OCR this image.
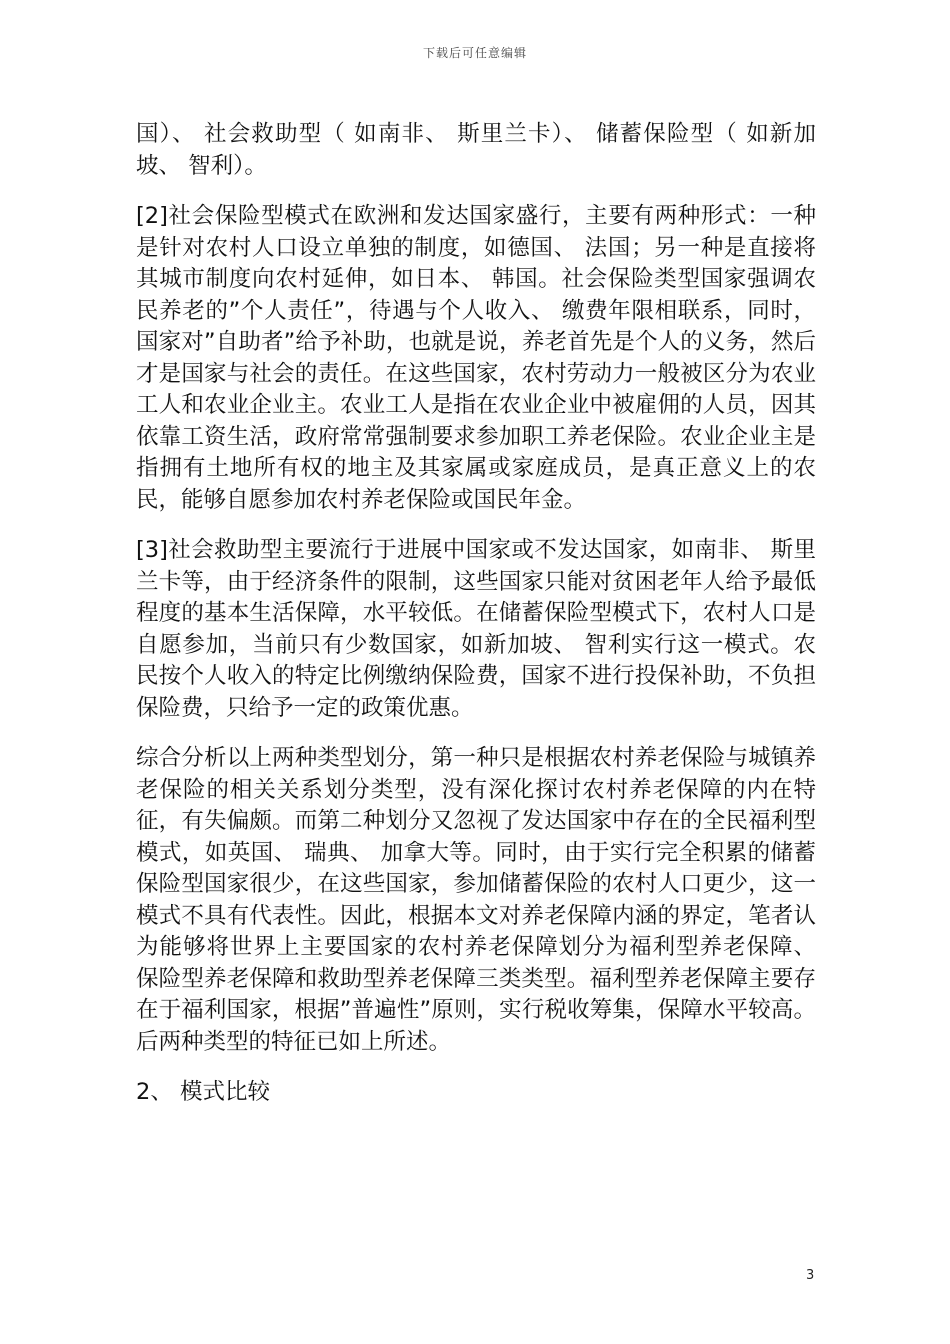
下载后可任意编辑

国）、 社会救助型（ 如南非、 斯里兰卡）、 储蓄保险型（ 如新加坡、 智利）。

[2]社会保险型模式在欧洲和发达国家盛行，主要有两种形式：一种是针对农村人口设立单独的制度，如德国、 法国；另一种是直接将其城市制度向农村延伸，如日本、 韩国。社会保险类型国家强调农民养老的”个人责任”，待遇与个人收入、 缴费年限相联系，同时，国家对”自助者”给予补助，也就是说，养老首先是个人的义务，然后才是国家与社会的责任。在这些国家，农村劳动力一般被区分为农业工人和农业企业主。农业工人是指在农业企业中被雇佣的人员，因其依靠工资生活，政府常常强制要求参加职工养老保险。农业企业主是指拥有土地所有权的地主及其家属或家庭成员，是真正意义上的农民，能够自愿参加农村养老保险或国民年金。

[3]社会救助型主要流行于进展中国家或不发达国家，如南非、 斯里兰卡等，由于经济条件的限制，这些国家只能对贫困老年人给予最低程度的基本生活保障，水平较低。在储蓄保险型模式下，农村人口是自愿参加，当前只有少数国家，如新加坡、 智利实行这一模式。农民按个人收入的特定比例缴纳保险费，国家不进行投保补助，不负担保险费，只给予一定的政策优惠。

综合分析以上两种类型划分，第一种只是根据农村养老保险与城镇养老保险的相关关系划分类型，没有深化探讨农村养老保障的内在特征，有失偏颇。而第二种划分又忽视了发达国家中存在的全民福利型模式，如英国、 瑞典、 加拿大等。同时，由于实行完全积累的储蓄保险型国家很少，在这些国家，参加储蓄保险的农村人口更少，这一模式不具有代表性。因此，根据本文对养老保障内涵的界定，笔者认为能够将世界上主要国家的农村养老保障划分为福利型养老保障、 保险型养老保障和救助型养老保障三类类型。福利型养老保障主要存在于福利国家，根据”普遍性”原则，实行税收筹集，保障水平较高。后两种类型的特征已如上所述。

2、 模式比较

3
